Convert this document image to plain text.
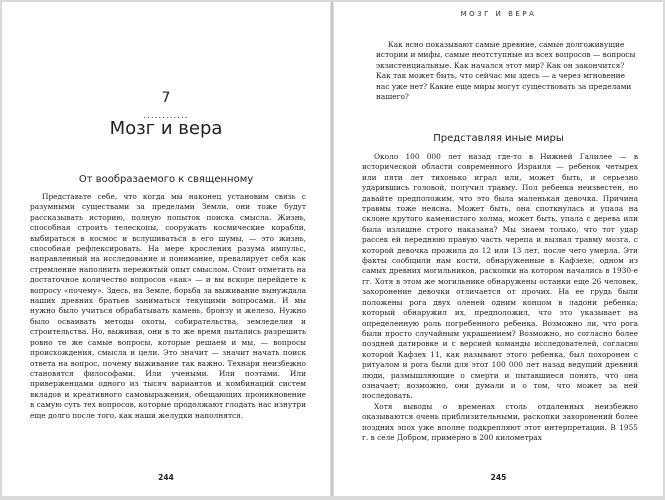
7
............
Мозг и вера
От вообразаемого к священному

Представьте себе, что когда мы наконец установим связь с разумными существами за пределами Земли, они тоже будут рассказывать историю, полную попыток поиска смысла. Жизнь, способная строить телескопы, сооружать космические корабли, выбираться в космос и вслушиваться в его шумы, — это жизнь, способная рефлексировать. На мере кросления разума импульс, направленный на исследование и понимание, превалирует себя как стремление наполнить пережитый опыт смыслом. Стоит отметить на достаточное количество вопросов «как» — и вы вскоре перейдете к вопросу «почему». Здесь, на Земле, борьба за выживание вынуждала наших древних братьев заниматься текущими вопросами. И мы нужно было учиться обрабатывать камень, бронзу и железо. Нужно было осваивать методы охоты, собирательства, земледелия и строительства. Но, выживая, они в то же время пытались разрешить ровно те же самые вопросы, которые решаем и мы, — вопросы происхождения, смысла и цели. Это значит — значит начать поиск ответа на вопрос, почему выживание так важно. Технари неизбежно становятся философами. Или учеными. Или поэтами. Или приверженцами одного из тысяч вариантов и комбинаций систем вкладов и креативного самовыражения, обещающих проникновение в самую суть тех вопросов, которые продолжают глодать нас изнутри еще долго после того, как наши желудки наполнятся.

244
МОЗГ И ВЕРА

Как ясно показывают самые древние, самые долгоживущие истории и мифы, самые неотступные из всех вопросов — вопросы экзистенциальные. Как начался этот мир? Как он закончится? Как так может быть, что сейчас мы здесь — а через мгновение нас уже нет? Какие еще миры могут существовать за пределами нашего?

Представляя иные миры

Около 100 000 лет назад где-то в Нижней Галилее — в исторической области современного Израиля — ребенок четырех или пяти лет тихонько играл или, может быть, и серьезно ударившись головой, получил травму. Пол ребенка неизвестен, но давайте предположим, что это была маленькая девочка. Причина травмы тоже неясна. Может быть, она споткнулась и упала на склоне крутого каменистого холма, может быть, упала с дерева или была излишне строго наказана? Мы знаем только, что тот удар рассек ей переднюю правую часть черепа и вызвал травму мозга, с которой девочка прожила до 12 или 13 лет, после чего умерла. Эти факты сообщили нам кости, обнаруженные в Кафзехе, одном из самых древних могильников, раскопки на котором начались в 1930-е гг. Хотя в этом же могильнике обнаружены останки еще 26 человек, захоронение девочки отличается от прочих. На ее грудь были положены рога двух оленей одним концом в ладони ребенка; который обнаружил их, предположил, что это указывает на определенную роль погребенного ребенка. Возможно ли, что рога были просто случайным украшением? Возможно, но согласно более поздней датировке и с версией команды исследователей, согласно которой Кафзех 11, как называют этого ребенка, был похоронен с ритуалом и рога были для этот 100 000 лет назад ведущий древний люди, размышляющие о смерти и пытавшиеся понять, что она означает; возможно, они думали и о том, что может за ней последовать.

Хотя выводы о временах столь отдаленных неизбежно оказываются очень приблизительными, раскопки захоронений более поздних эпох уже вполне подкрепляют этот интерпретации. В 1955 г. в селе Добром, примерно в 200 километрах

245
